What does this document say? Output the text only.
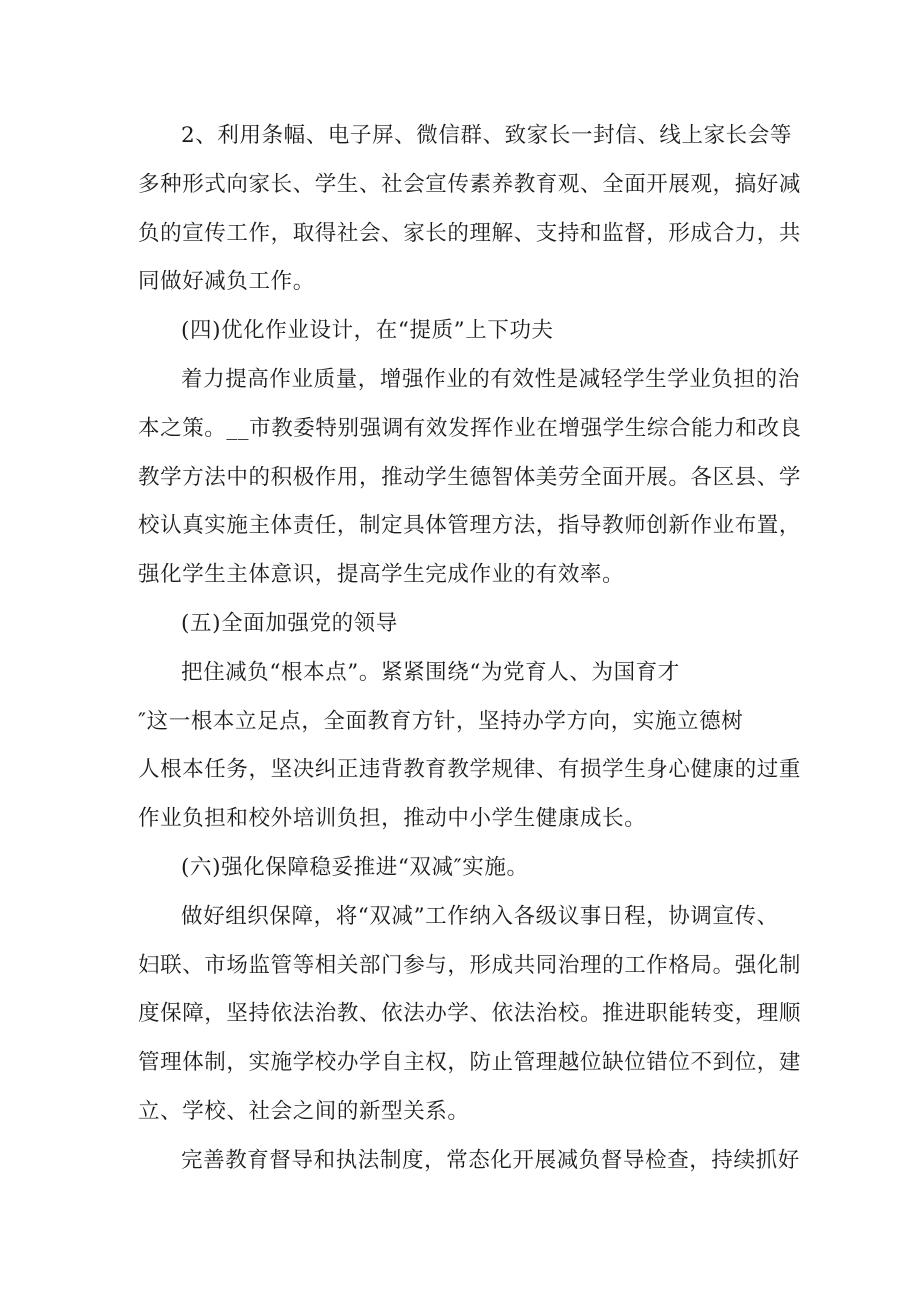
2、利用条幅、电子屏、微信群、致家长一封信、线上家长会等
多种形式向家长、学生、社会宣传素养教育观、全面开展观，搞好减
负的宣传工作，取得社会、家长的理解、支持和监督，形成合力，共
同做好减负工作。

(四)优化作业设计，在“提质”上下功夫

着力提高作业质量，增强作业的有效性是减轻学生学业负担的治
本之策。__市教委特别强调有效发挥作业在增强学生综合能力和改良
教学方法中的积极作用，推动学生德智体美劳全面开展。各区县、学
校认真实施主体责任，制定具体管理方法，指导教师创新作业布置，
强化学生主体意识，提高学生完成作业的有效率。

(五)全面加强党的领导

把住减负“根本点”。紧紧围绕“为党育人、为国育才
″这一根本立足点，全面教育方针，坚持办学方向，实施立德树
人根本任务，坚决纠正违背教育教学规律、有损学生身心健康的过重
作业负担和校外培训负担，推动中小学生健康成长。

(六)强化保障稳妥推进“双减″实施。

做好组织保障，将“双减”工作纳入各级议事日程，协调宣传、
妇联、市场监管等相关部门参与，形成共同治理的工作格局。强化制
度保障，坚持依法治教、依法办学、依法治校。推进职能转变，理顺
管理体制，实施学校办学自主权，防止管理越位缺位错位不到位，建
立、学校、社会之间的新型关系。

完善教育督导和执法制度，常态化开展减负督导检查，持续抓好
